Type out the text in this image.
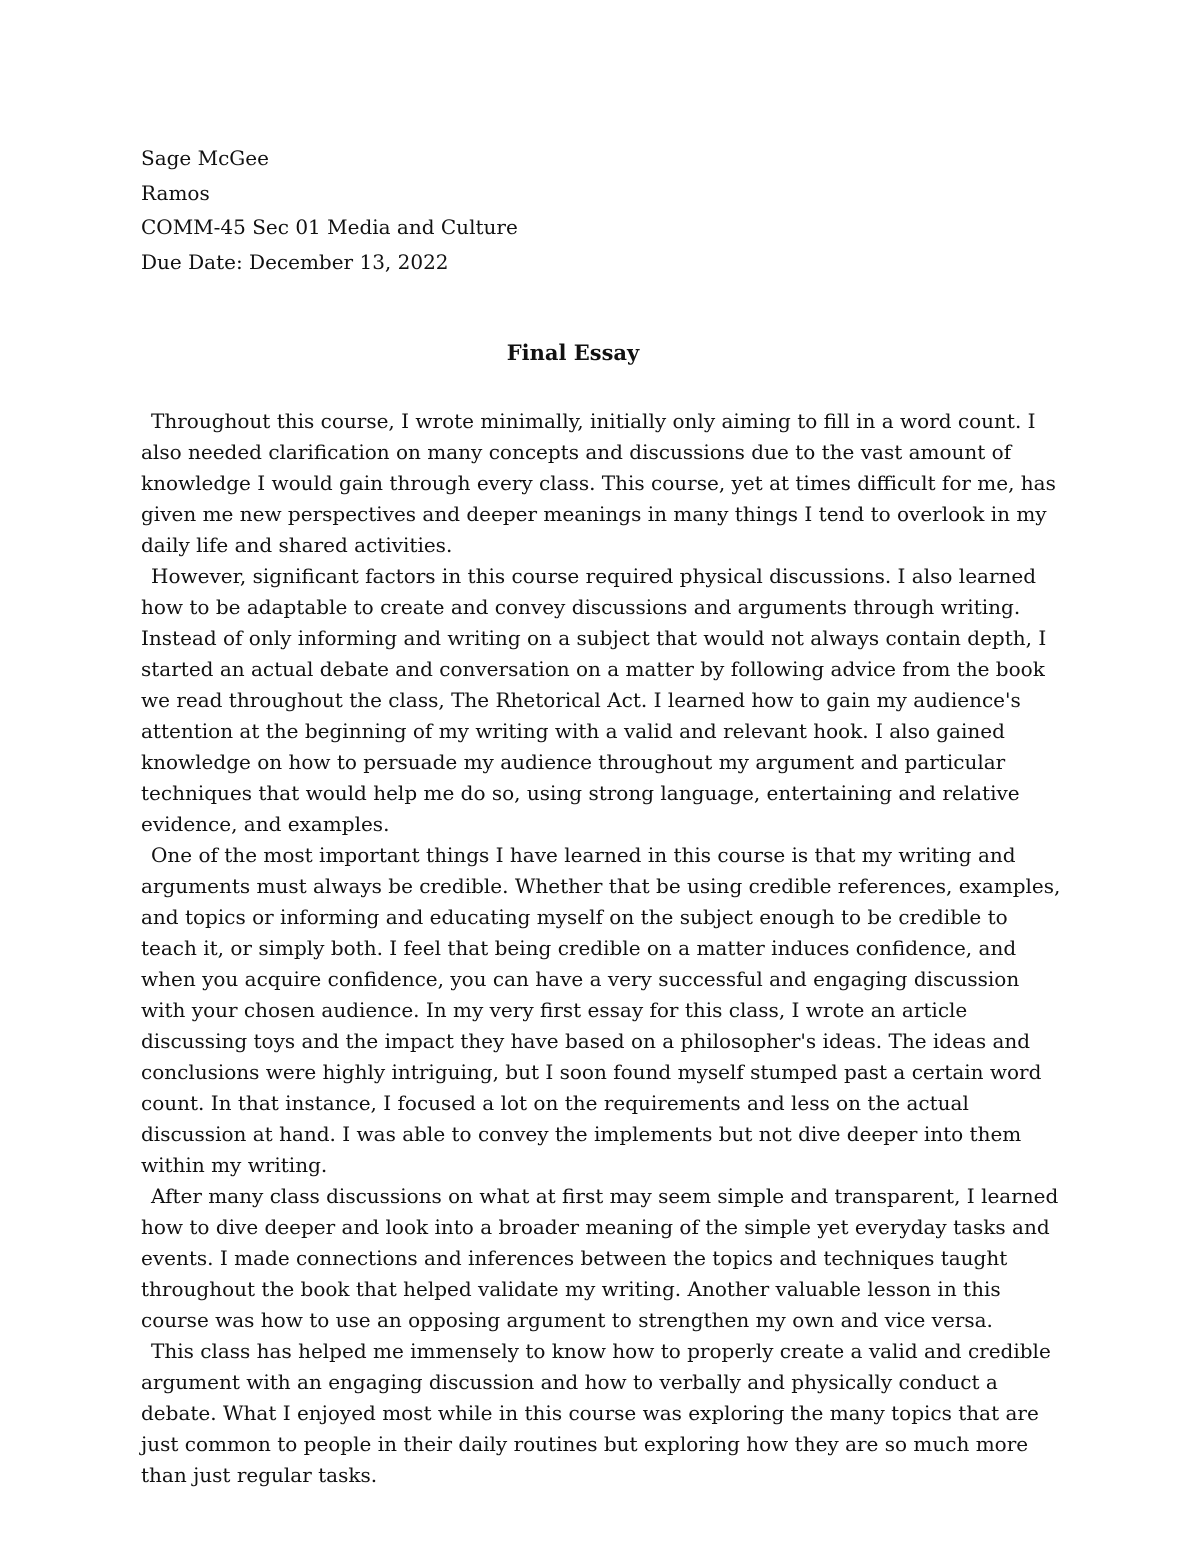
Sage McGee
Ramos
COMM-45 Sec 01 Media and Culture
Due Date: December 13, 2022
Final Essay

Throughout this course, I wrote minimally, initially only aiming to fill in a word count. I also needed clarification on many concepts and discussions due to the vast amount of knowledge I would gain through every class. This course, yet at times difficult for me, has given me new perspectives and deeper meanings in many things I tend to overlook in my daily life and shared activities.

However, significant factors in this course required physical discussions. I also learned how to be adaptable to create and convey discussions and arguments through writing. Instead of only informing and writing on a subject that would not always contain depth, I started an actual debate and conversation on a matter by following advice from the book we read throughout the class, The Rhetorical Act. I learned how to gain my audience's attention at the beginning of my writing with a valid and relevant hook. I also gained knowledge on how to persuade my audience throughout my argument and particular techniques that would help me do so, using strong language, entertaining and relative evidence, and examples.

One of the most important things I have learned in this course is that my writing and arguments must always be credible. Whether that be using credible references, examples, and topics or informing and educating myself on the subject enough to be credible to teach it, or simply both. I feel that being credible on a matter induces confidence, and when you acquire confidence, you can have a very successful and engaging discussion with your chosen audience. In my very first essay for this class, I wrote an article discussing toys and the impact they have based on a philosopher's ideas. The ideas and conclusions were highly intriguing, but I soon found myself stumped past a certain word count. In that instance, I focused a lot on the requirements and less on the actual discussion at hand. I was able to convey the implements but not dive deeper into them within my writing.

After many class discussions on what at first may seem simple and transparent, I learned how to dive deeper and look into a broader meaning of the simple yet everyday tasks and events. I made connections and inferences between the topics and techniques taught throughout the book that helped validate my writing. Another valuable lesson in this course was how to use an opposing argument to strengthen my own and vice versa.

This class has helped me immensely to know how to properly create a valid and credible argument with an engaging discussion and how to verbally and physically conduct a debate. What I enjoyed most while in this course was exploring the many topics that are just common to people in their daily routines but exploring how they are so much more than just regular tasks.
